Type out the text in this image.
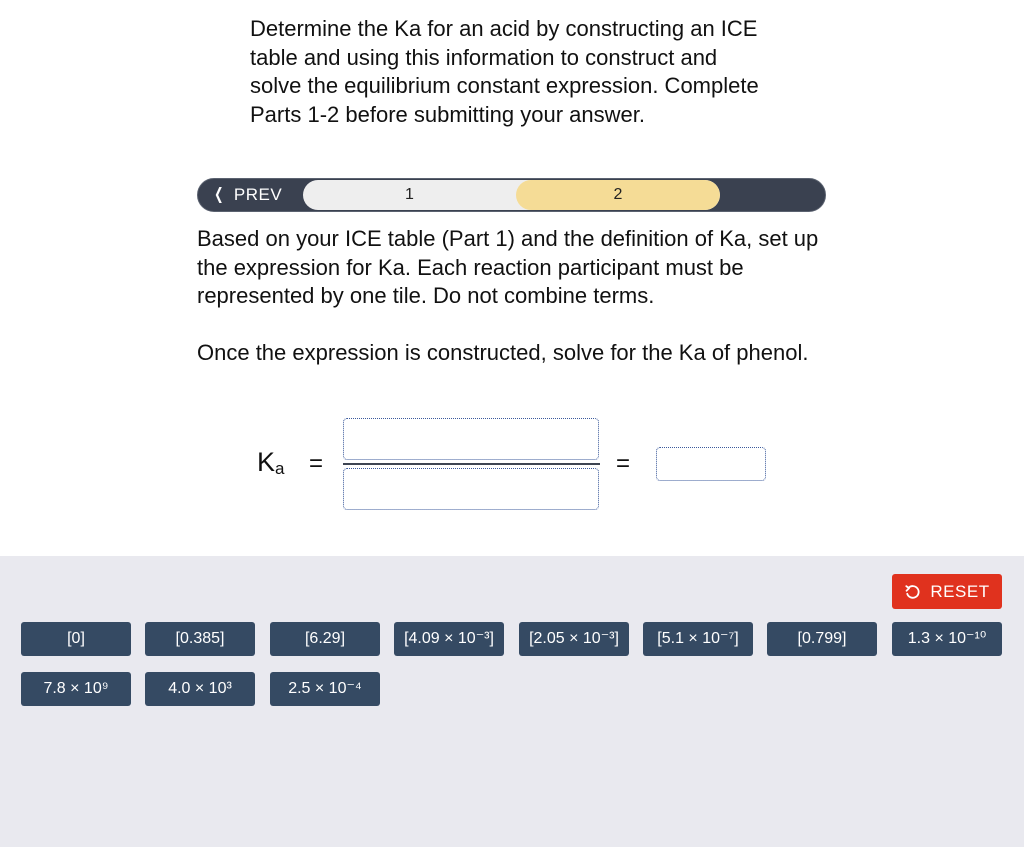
Determine the Ka for an acid by constructing an ICE table and using this information to construct and solve the equilibrium constant expression. Complete Parts 1-2 before submitting your answer.

❮ PREV	1	2

Based on your ICE table (Part 1) and the definition of Ka, set up the expression for Ka. Each reaction participant must be represented by one tile. Do not combine terms.

Once the expression is constructed, solve for the Ka of phenol.

$K_a$ =	=
RESET
[0]	[0.385]	[6.29]	[4.09 × 10⁻³]	[2.05 × 10⁻³]	[5.1 × 10⁻⁷]	[0.799]	1.3 × 10⁻¹⁰
7.8 × 10⁹	4.0 × 10³	2.5 × 10⁻⁴
